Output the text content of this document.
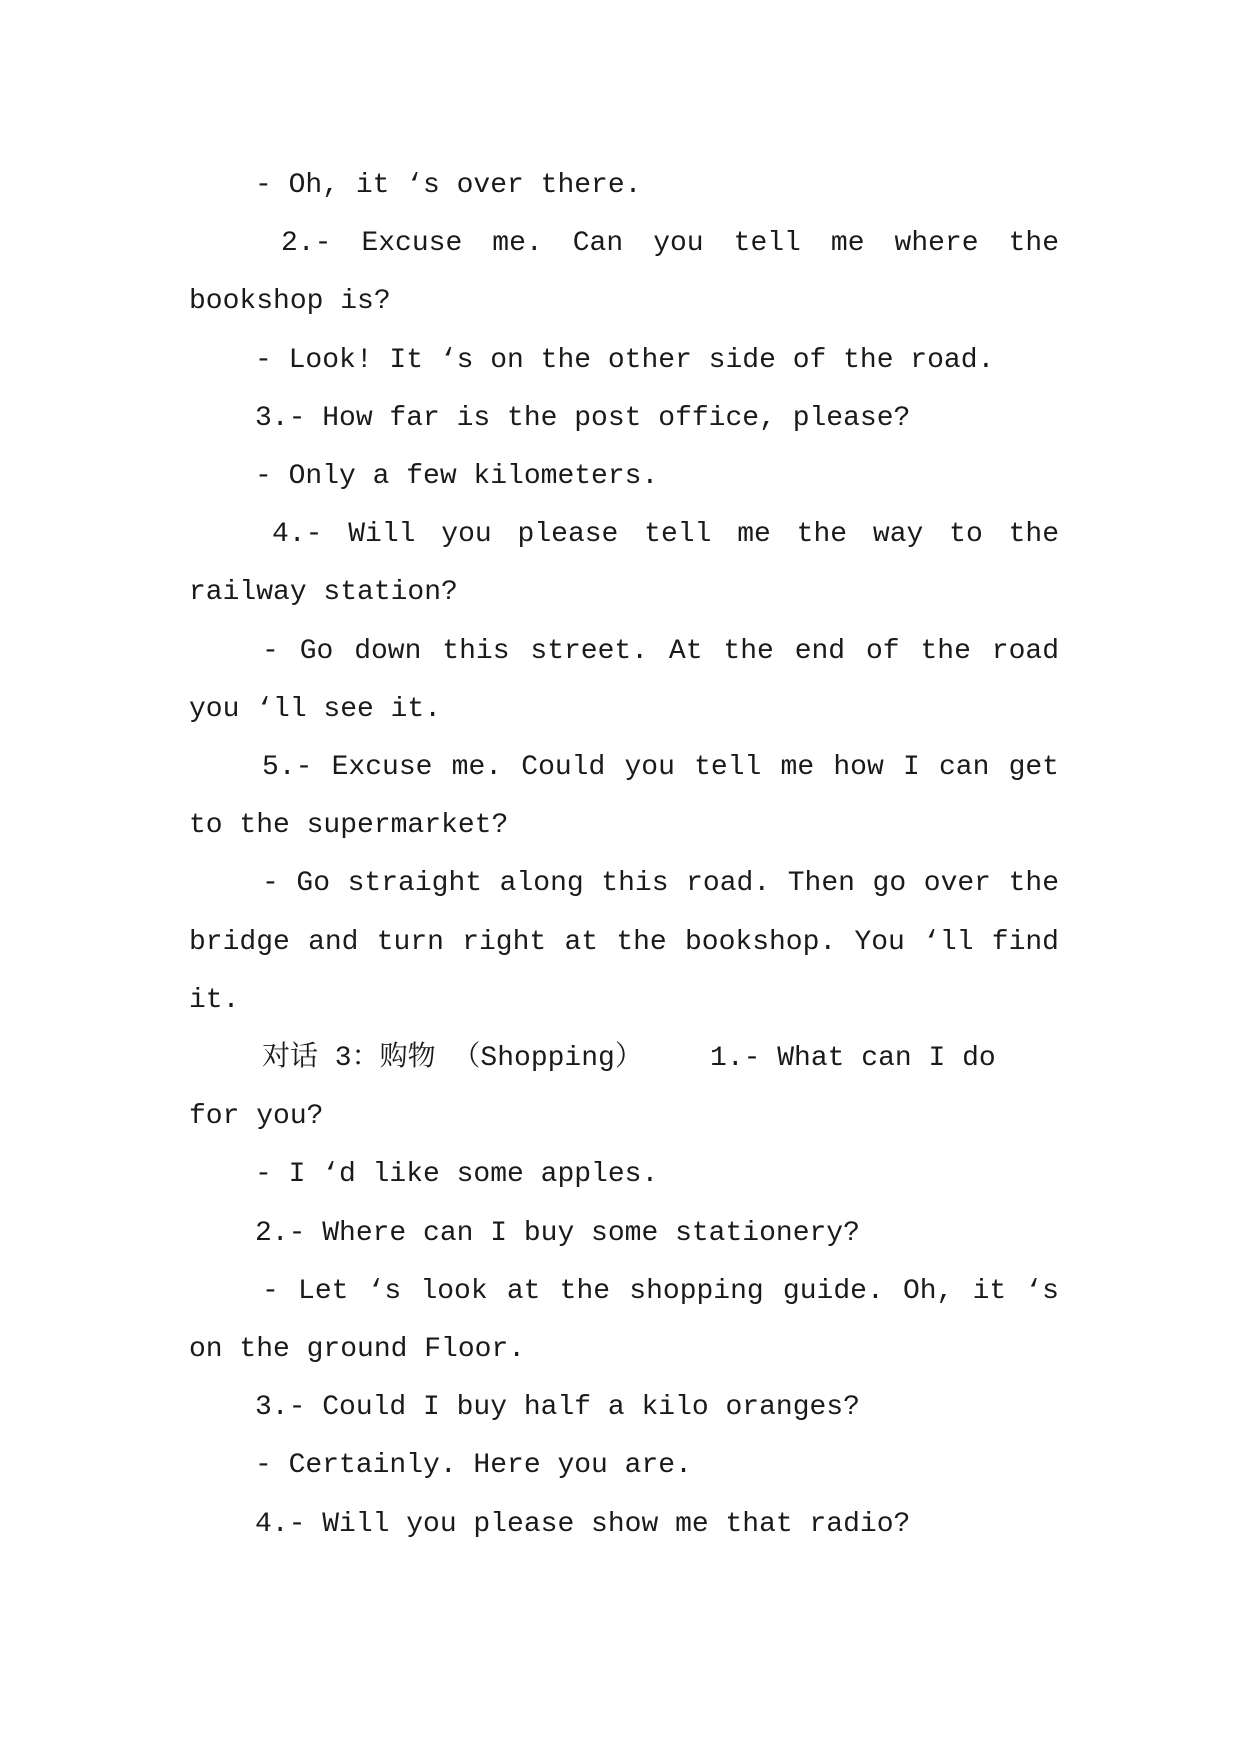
- Oh, it ‘s over there.
2.- Excuse me. Can you tell me where the
bookshop is?
- Look! It ‘s on the other side of the road.
3.- How far is the post office, please?
- Only a few kilometers.
4.- Will you please tell me the way to the
railway station?
- Go down this street. At the end of the road
you ‘ll see it.
5.- Excuse me. Could you tell me how I can get
to the supermarket?
- Go straight along this road. Then go over the
bridge and turn right at the bookshop. You ‘ll find
it.
对话 3：购物 （Shopping）    1.- What can I do
for you?
- I ‘d like some apples.
2.- Where can I buy some stationery?
- Let ‘s look at the shopping guide. Oh, it ‘s
on the ground Floor.
3.- Could I buy half a kilo oranges?
- Certainly. Here you are.
4.- Will you please show me that radio?
